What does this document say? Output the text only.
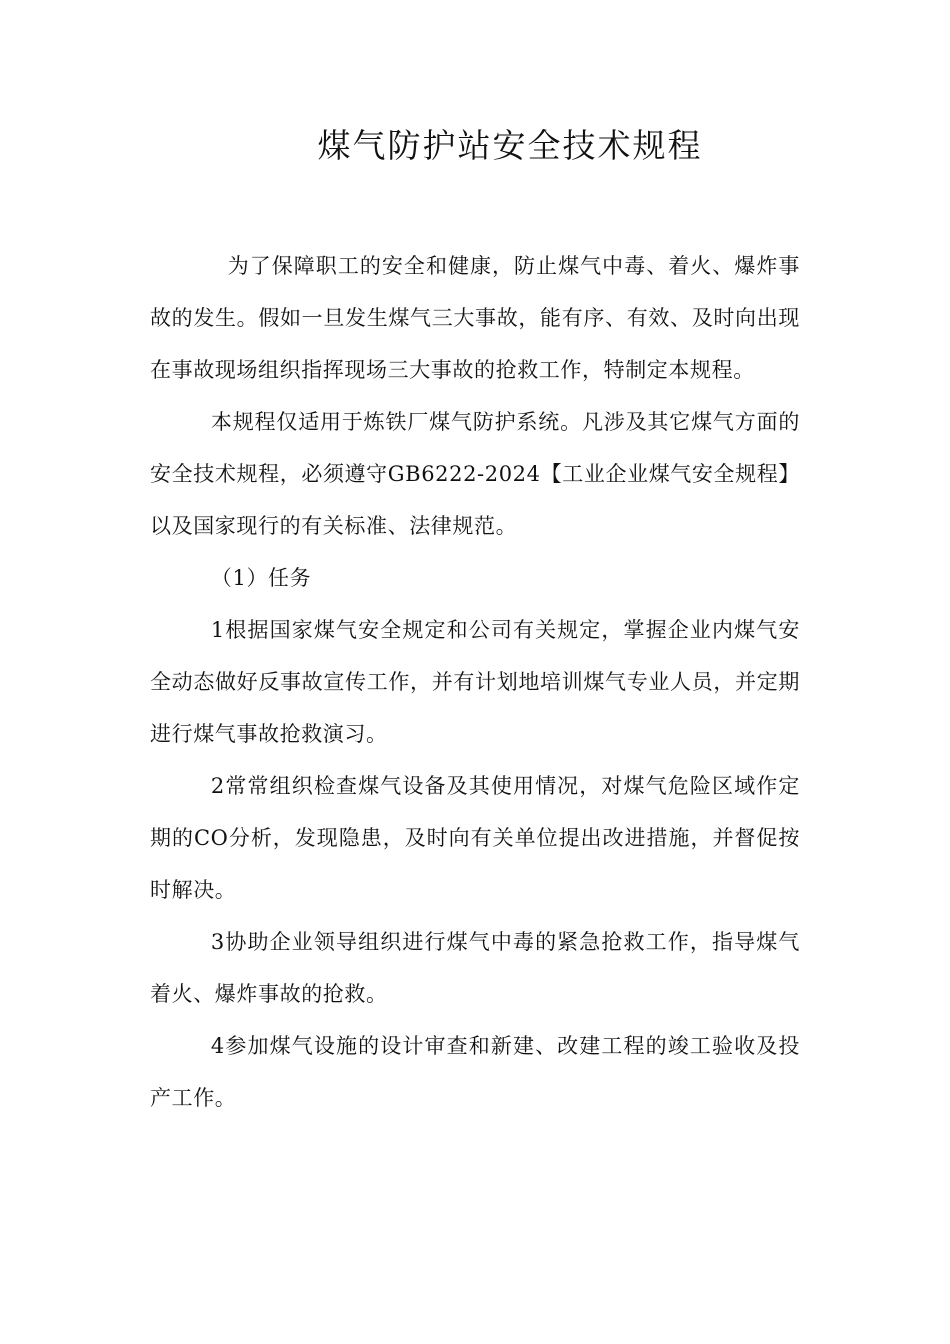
煤气防护站安全技术规程

为了保障职工的安全和健康，防止煤气中毒、着火、爆炸事故的发生。假如一旦发生煤气三大事故，能有序、有效、及时向出现在事故现场组织指挥现场三大事故的抢救工作，特制定本规程。

本规程仅适用于炼铁厂煤气防护系统。凡涉及其它煤气方面的安全技术规程，必须遵守GB6222-2024【工业企业煤气安全规程】以及国家现行的有关标准、法律规范。

（1）任务

1根据国家煤气安全规定和公司有关规定，掌握企业内煤气安全动态做好反事故宣传工作，并有计划地培训煤气专业人员，并定期进行煤气事故抢救演习。

2常常组织检查煤气设备及其使用情况，对煤气危险区域作定期的CO分析，发现隐患，及时向有关单位提出改进措施，并督促按时解决。

3协助企业领导组织进行煤气中毒的紧急抢救工作，指导煤气着火、爆炸事故的抢救。

4参加煤气设施的设计审查和新建、改建工程的竣工验收及投产工作。
